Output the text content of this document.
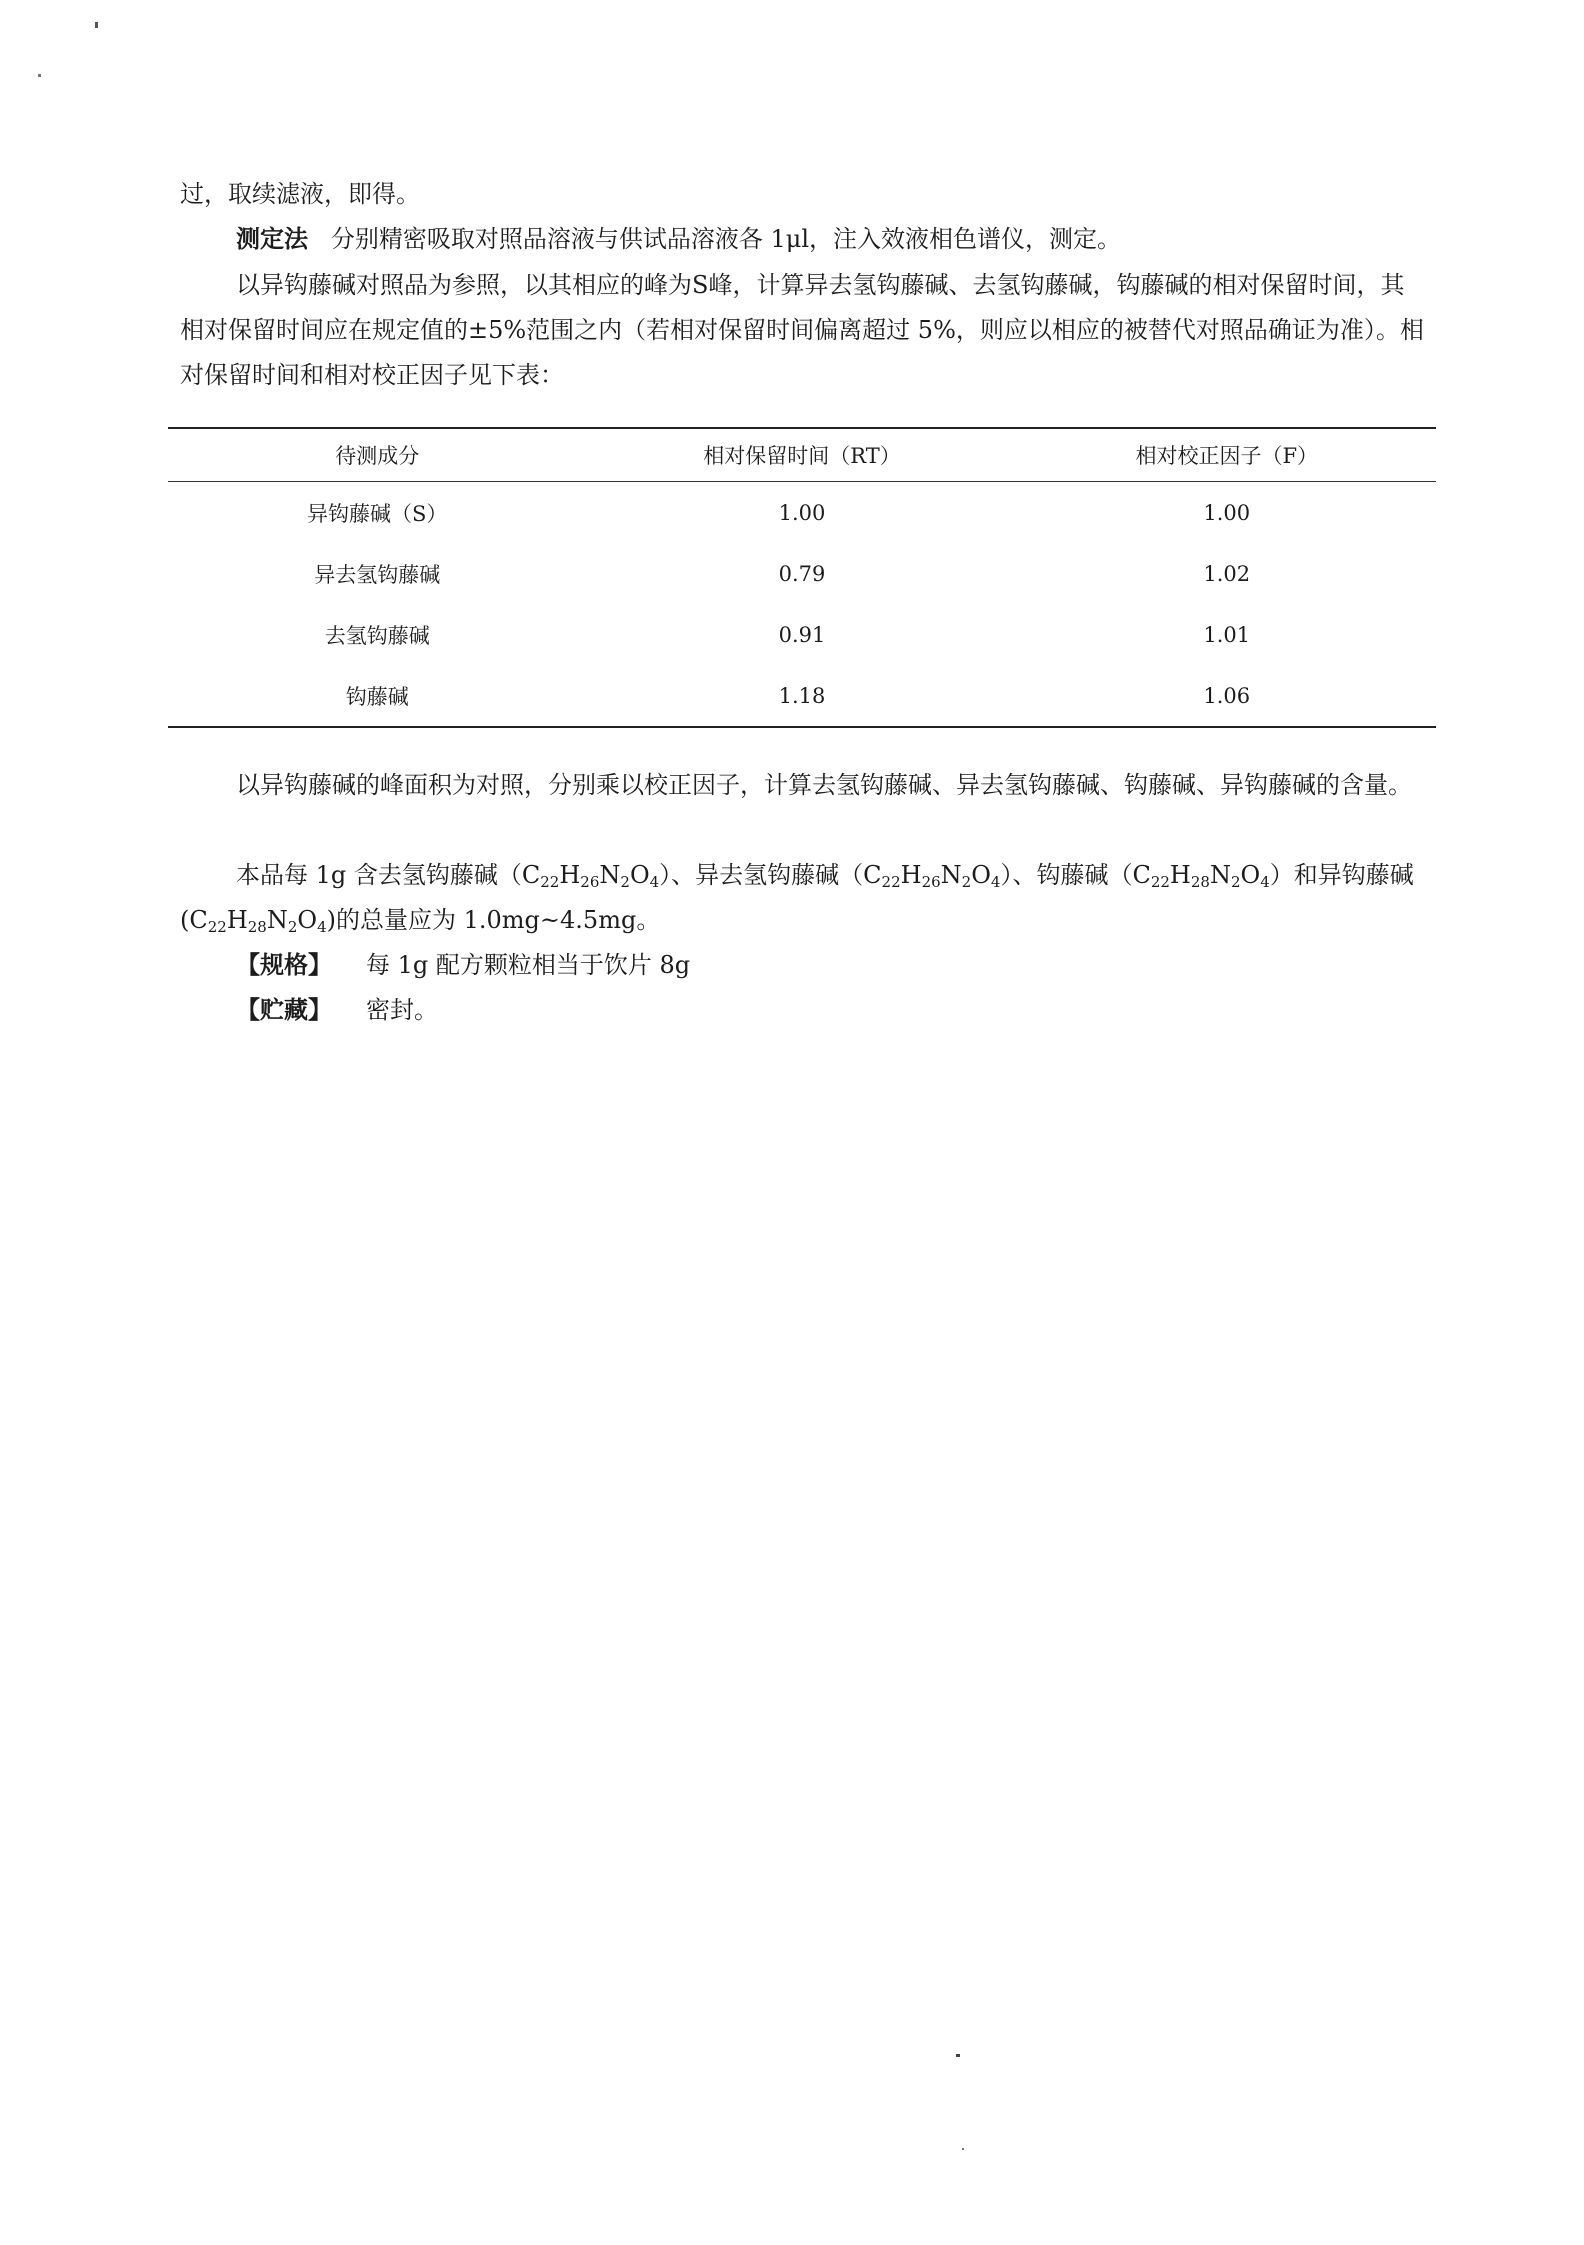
过，取续滤液，即得。

测定法 分别精密吸取对照品溶液与供试品溶液各 1μl，注入效液相色谱仪，测定。

以异钩藤碱对照品为参照，以其相应的峰为S峰，计算异去氢钩藤碱、去氢钩藤碱，钩藤碱的相对保留时间，其相对保留时间应在规定值的±5%范围之内（若相对保留时间偏离超过 5%，则应以相应的被替代对照品确证为准）。相对保留时间和相对校正因子见下表：

待测成分	相对保留时间（RT）	相对校正因子（F）
异钩藤碱（S）	1.00	1.00
异去氢钩藤碱	0.79	1.02
去氢钩藤碱	0.91	1.01
钩藤碱	1.18	1.06

以异钩藤碱的峰面积为对照，分别乘以校正因子，计算去氢钩藤碱、异去氢钩藤碱、钩藤碱、异钩藤碱的含量。

本品每 1g 含去氢钩藤碱$(C_{22}H_{26}N_2O_4)$、异去氢钩藤碱$(C_{22}H_{26}N_2O_4)$、钩藤碱$(C_{22}H_{28}N_2O_4)$和异钩藤碱$(C_{22}H_{28}N_2O_4)$的总量应为 1.0mg~4.5mg。

【规格】 每 1g 配方颗粒相当于饮片 8g
【贮藏】 密封。
